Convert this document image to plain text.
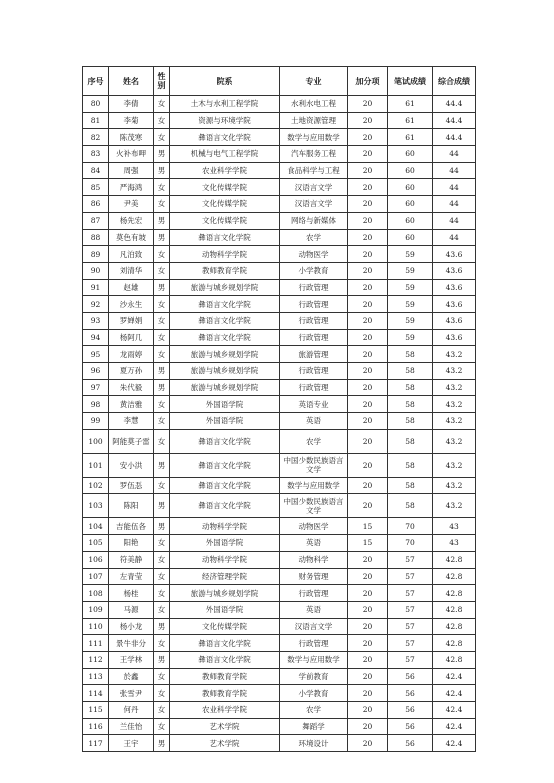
序号	姓名	性别	院系	专业	加分项	笔试成绩	综合成绩
80	李倩	女	土木与水利工程学院	水利水电工程	20	61	44.4
81	李菊	女	资源与环境学院	土地资源管理	20	61	44.4
82	陈茂寒	女	彝语言文化学院	数学与应用数学	20	61	44.4
83	火补布呷	男	机械与电气工程学院	汽车服务工程	20	60	44
84	周强	男	农业科学学院	食品科学与工程	20	60	44
85	严海鸿	女	文化传媒学院	汉语言文学	20	60	44
86	尹美	女	文化传媒学院	汉语言文学	20	60	44
87	杨先宏	男	文化传媒学院	网络与新媒体	20	60	44
88	莫色有坡	男	彝语言文化学院	农学	20	60	44
89	凡泊致	女	动物科学学院	动物医学	20	59	43.6
90	刘清华	女	教师教育学院	小学教育	20	59	43.6
91	赵雄	男	旅游与城乡规划学院	行政管理	20	59	43.6
92	沙永生	女	彝语言文化学院	行政管理	20	59	43.6
93	罗婵娟	女	彝语言文化学院	行政管理	20	59	43.6
94	杨阿几	女	彝语言文化学院	行政管理	20	59	43.6
95	龙雨婷	女	旅游与城乡规划学院	旅游管理	20	58	43.2
96	夏万孙	男	旅游与城乡规划学院	行政管理	20	58	43.2
97	朱代毅	男	旅游与城乡规划学院	行政管理	20	58	43.2
98	黄洁雅	女	外国语学院	英语专业	20	58	43.2
99	李慧	女	外国语学院	英语	20	58	43.2
100	阿能莫子雷	女	彝语言文化学院	农学	20	58	43.2
101	安小洪	男	彝语言文化学院	中国少数民族语言文学	20	58	43.2
102	罗伍忢	女	彝语言文化学院	数学与应用数学	20	58	43.2
103	陈阳	男	彝语言文化学院	中国少数民族语言文学	20	58	43.2
104	吉能伍各	男	动物科学学院	动物医学	15	70	43
105	阳艳	女	外国语学院	英语	15	70	43
106	符美静	女	动物科学学院	动物科学	20	57	42.8
107	左青莹	女	经济管理学院	财务管理	20	57	42.8
108	杨桂	女	旅游与城乡规划学院	行政管理	20	57	42.8
109	马源	女	外国语学院	英语	20	57	42.8
110	杨小龙	男	文化传媒学院	汉语言文学	20	57	42.8
111	景牛非分	女	彝语言文化学院	行政管理	20	57	42.8
112	王学林	男	彝语言文化学院	数学与应用数学	20	57	42.8
113	於鑫	女	教师教育学院	学前教育	20	56	42.4
114	张雪尹	女	教师教育学院	小学教育	20	56	42.4
115	何丹	女	农业科学学院	农学	20	56	42.4
116	兰佳怡	女	艺术学院	舞蹈学	20	56	42.4
117	王宇	男	艺术学院	环境设计	20	56	42.4
